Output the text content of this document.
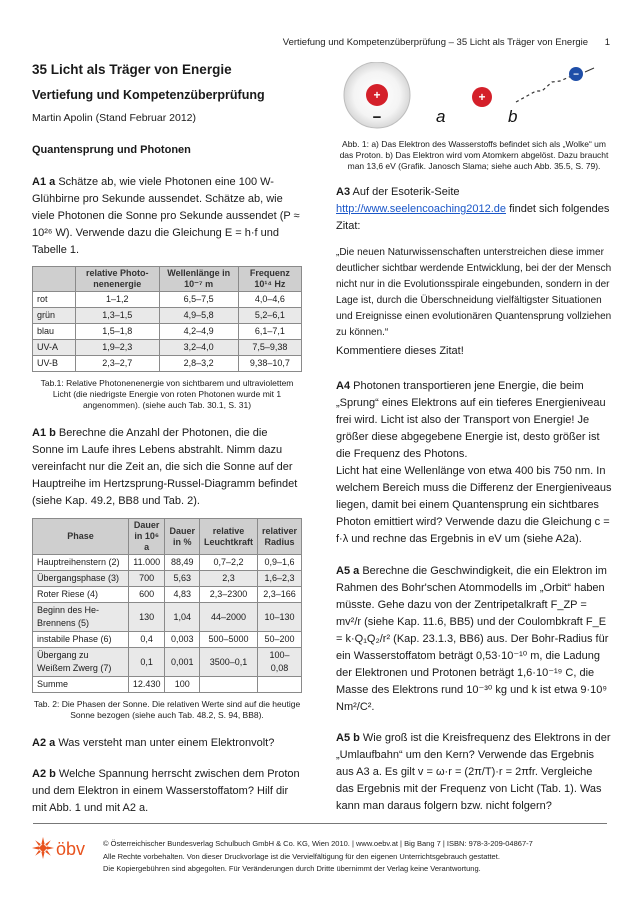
Vertiefung und Kompetenzüberprüfung – 35 Licht als Träger von Energie 1
35 Licht als Träger von Energie
Vertiefung und Kompetenzüberprüfung
Martin Apolin (Stand Februar 2012)
Quantensprung und Photonen

A1 a Schätze ab, wie viele Photonen eine 100 W-Glühbirne pro Sekunde aussendet. Schätze ab, wie viele Photonen die Sonne pro Sekunde aussendet (P ≈ 10²⁶ W). Verwende dazu die Gleichung E = h·f und Tabelle 1.

	relative Photo-nenenergie	Wellenlänge in 10⁻⁷ m	Frequenz 10¹⁴ Hz
rot	1–1,2	6,5–7,5	4,0–4,6
grün	1,3–1,5	4,9–5,8	5,2–6,1
blau	1,5–1,8	4,2–4,9	6,1–7,1
UV-A	1,9–2,3	3,2–4,0	7,5–9,38
UV-B	2,3–2,7	2,8–3,2	9,38–10,7
Tab.1: Relative Photonenenergie von sichtbarem und ultraviolettem Licht (die niedrigste Energie von roten Photonen wurde mit 1 angenommen). (siehe auch Tab. 30.1, S. 31)

A1 b Berechne die Anzahl der Photonen, die die Sonne im Laufe ihres Lebens abstrahlt. Nimm dazu vereinfacht nur die Zeit an, die sich die Sonne auf der Hauptreihe im Hertzsprung-Russel-Diagramm befindet (siehe Kap. 49.2, BB8 und Tab. 2).

Phase	Dauer in 10⁶ a	Dauer in %	relative Leuchtkraft	relativer Radius
Hauptreihenstern (2)	11.000	88,49	0,7–2,2	0,9–1,6
Übergangsphase (3)	700	5,63	2,3	1,6–2,3
Roter Riese (4)	600	4,83	2,3–2300	2,3–166
Beginn des He-Brennens (5)	130	1,04	44–2000	10–130
instabile Phase (6)	0,4	0,003	500–5000	50–200
Übergang zu Weißem Zwerg (7)	0,1	0,001	3500–0,1	100–0,08
Summe	12.430	100		
Tab. 2: Die Phasen der Sonne. Die relativen Werte sind auf die heutige Sonne bezogen (siehe auch Tab. 48.2, S. 94, BB8).

A2 a Was versteht man unter einem Elektronvolt?

A2 b Welche Spannung herrscht zwischen dem Proton und dem Elektron in einem Wasserstoffatom? Hilf dir mit Abb. 1 und mit A2 a.

+
−	a
+
b
−
Abb. 1: a) Das Elektron des Wasserstoffs befindet sich als „Wolke“ um das Proton. b) Das Elektron wird vom Atomkern abgelöst. Dazu braucht man 13,6 eV (Grafik. Janosch Slama; siehe auch Abb. 35.5, S. 79).

A3 Auf der Esoterik-Seite http://www.seelencoaching2012.de findet sich folgendes Zitat:

„Die neuen Naturwissenschaften unterstreichen diese immer deutlicher sichtbar werdende Entwicklung, bei der der Mensch nicht nur in die Evolutionsspirale eingebunden, sondern in der Lage ist, durch die Überschneidung vielfältigster Situationen und Ereignisse einen evolutionären Quantensprung vollziehen zu können.“

Kommentiere dieses Zitat!

A4 Photonen transportieren jene Energie, die beim „Sprung“ eines Elektrons auf ein tieferes Energieniveau frei wird. Licht ist also der Transport von Energie! Je größer diese abgegebene Energie ist, desto größer ist die Frequenz des Photons.

Licht hat eine Wellenlänge von etwa 400 bis 750 nm. In welchem Bereich muss die Differenz der Energieniveaus liegen, damit bei einem Quantensprung ein sichtbares Photon emittiert wird? Verwende dazu die Gleichung c = f·λ und rechne das Ergebnis in eV um (siehe A2a).

A5 a Berechne die Geschwindigkeit, die ein Elektron im Rahmen des Bohr'schen Atommodells im „Orbit“ haben müsste. Gehe dazu von der Zentripetalkraft F_ZP = mv²/r (siehe Kap. 11.6, BB5) und der Coulombkraft F_E = k·Q₁Q₂/r² (Kap. 23.1.3, BB6) aus. Der Bohr-Radius für ein Wasserstoffatom beträgt 0,53·10⁻¹⁰ m, die Ladung der Elektronen und Protonen beträgt 1,6·10⁻¹⁹ C, die Masse des Elektrons rund 10⁻³⁰ kg und k ist etwa 9·10⁹ Nm²/C².

A5 b Wie groß ist die Kreisfrequenz des Elektrons in der „Umlaufbahn“ um den Kern? Verwende das Ergebnis aus A3 a. Es gilt v = ω·r = (2π/T)·r = 2πfr. Vergleiche das Ergebnis mit der Frequenz von Licht (Tab. 1). Was kann man daraus folgern bzw. nicht folgern?

öbv © Österreichischer Bundesverlag Schulbuch GmbH & Co. KG, Wien 2010. | www.oebv.at | Big Bang 7 | ISBN: 978-3-209-04867-7
Alle Rechte vorbehalten. Von dieser Druckvorlage ist die Vervielfältigung für den eigenen Unterrichtsgebrauch gestattet.
Die Kopiergebühren sind abgegolten. Für Veränderungen durch Dritte übernimmt der Verlag keine Verantwortung.
